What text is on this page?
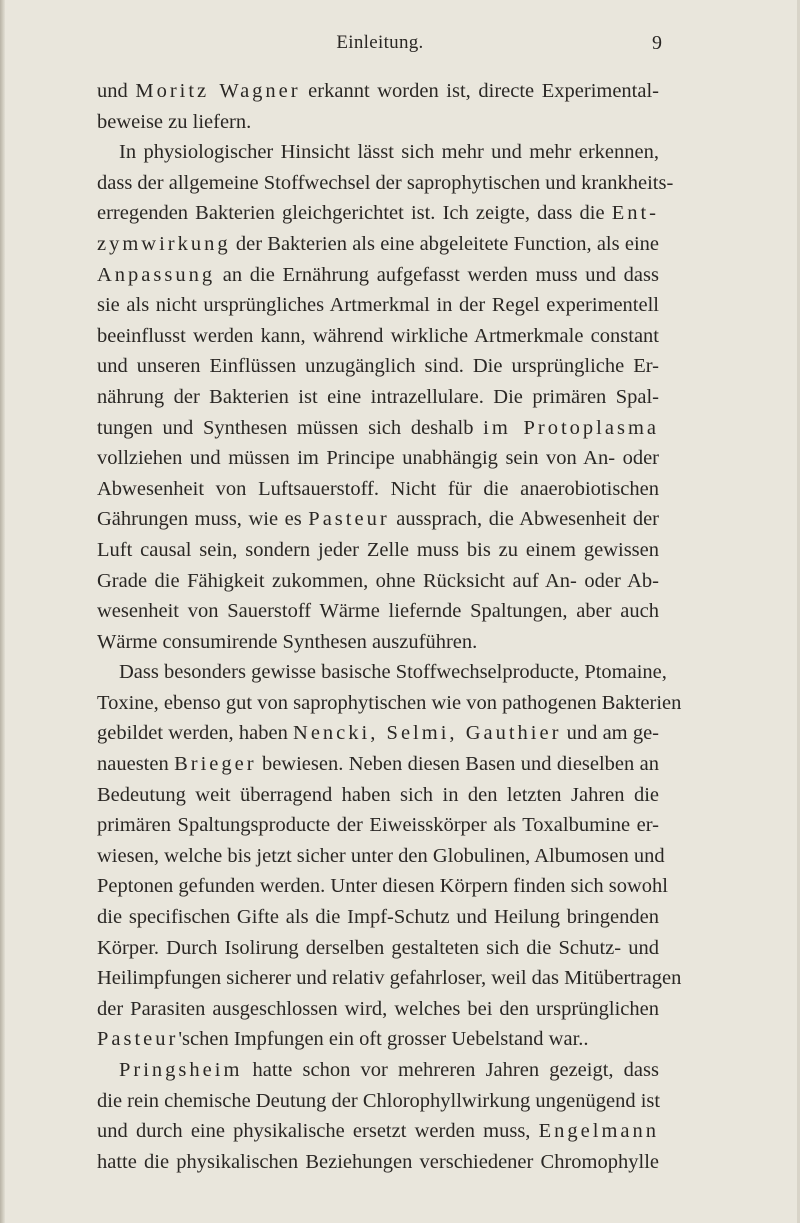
Einleitung.	9
und Moritz Wagner erkannt worden ist, directe Experimental-
beweise zu liefern.
In physiologischer Hinsicht lässt sich mehr und mehr erkennen,
dass der allgemeine Stoffwechsel der saprophytischen und krankheits-
erregenden Bakterien gleichgerichtet ist. Ich zeigte, dass die Ent-
zymwirkung der Bakterien als eine abgeleitete Function, als eine
Anpassung an die Ernährung aufgefasst werden muss und dass
sie als nicht ursprüngliches Artmerkmal in der Regel experimentell
beeinflusst werden kann, während wirkliche Artmerkmale constant
und unseren Einflüssen unzugänglich sind. Die ursprüngliche Er-
nährung der Bakterien ist eine intrazellulare. Die primären Spal-
tungen und Synthesen müssen sich deshalb im Protoplasma
vollziehen und müssen im Principe unabhängig sein von An- oder
Abwesenheit von Luftsauerstoff. Nicht für die anaerobiotischen
Gährungen muss, wie es Pasteur aussprach, die Abwesenheit der
Luft causal sein, sondern jeder Zelle muss bis zu einem gewissen
Grade die Fähigkeit zukommen, ohne Rücksicht auf An- oder Ab-
wesenheit von Sauerstoff Wärme liefernde Spaltungen, aber auch
Wärme consumirende Synthesen auszuführen.
Dass besonders gewisse basische Stoffwechselproducte, Ptomaine,
Toxine, ebenso gut von saprophytischen wie von pathogenen Bakterien
gebildet werden, haben Nencki, Selmi, Gauthier und am ge-
nauesten Brieger bewiesen. Neben diesen Basen und dieselben an
Bedeutung weit überragend haben sich in den letzten Jahren die
primären Spaltungsproducte der Eiweisskörper als Toxalbumine er-
wiesen, welche bis jetzt sicher unter den Globulinen, Albumosen und
Peptonen gefunden werden. Unter diesen Körpern finden sich sowohl
die specifischen Gifte als die Impf-Schutz und Heilung bringenden
Körper. Durch Isolirung derselben gestalteten sich die Schutz- und
Heilimpfungen sicherer und relativ gefahrloser, weil das Mitübertragen
der Parasiten ausgeschlossen wird, welches bei den ursprünglichen
Pasteur'schen Impfungen ein oft grosser Uebelstand war..
Pringsheim hatte schon vor mehreren Jahren gezeigt, dass
die rein chemische Deutung der Chlorophyllwirkung ungenügend ist
und durch eine physikalische ersetzt werden muss, Engelmann
hatte die physikalischen Beziehungen verschiedener Chromophylle
